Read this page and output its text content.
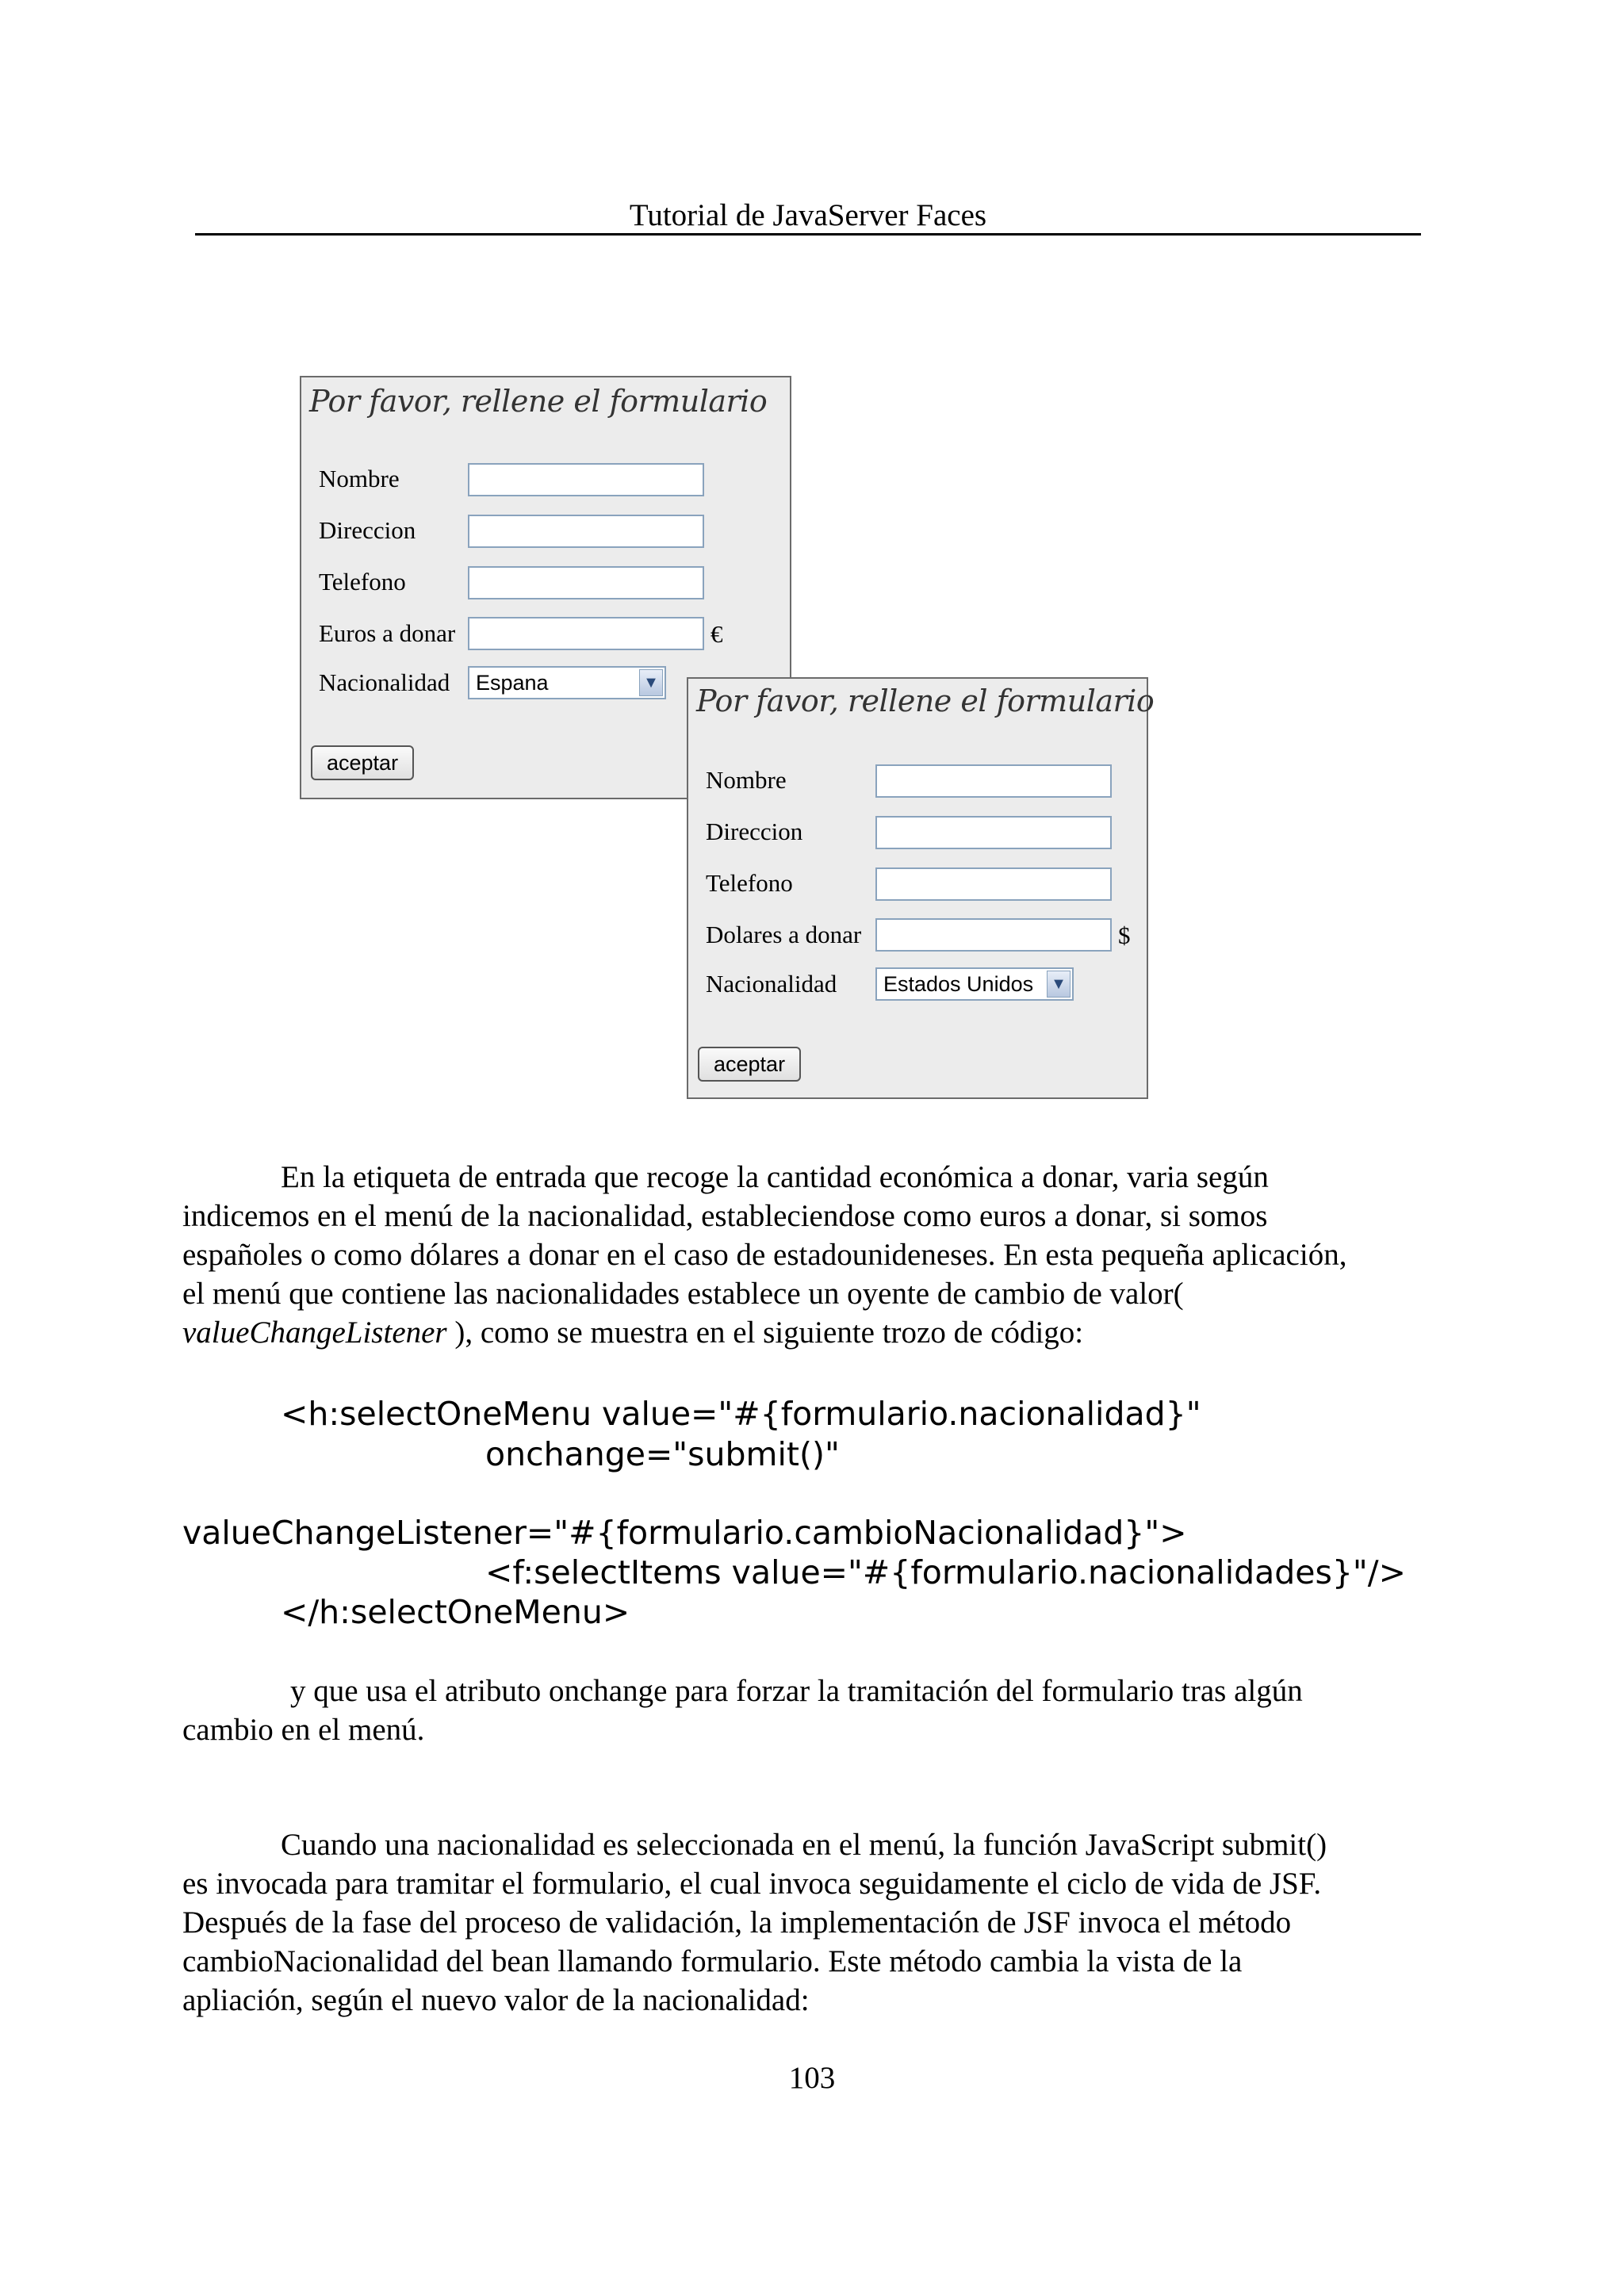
Tutorial de JavaServer Faces
Por favor, rellene el formulario
Nombre
Direccion
Telefono
Euros a donar	€
Nacionalidad	Espana	▼
aceptar
Por favor, rellene el formulario
Nombre
Direccion
Telefono
Dolares a donar	$
Nacionalidad	Estados Unidos ▼
aceptar
En la etiqueta de entrada que recoge la cantidad económica a donar, varia según
indicemos en el menú de la nacionalidad, estableciendose como euros a donar, si somos
españoles o como dólares a donar en el caso de estadounideneses. En esta pequeña aplicación,
el menú que contiene las nacionalidades establece un oyente de cambio de valor(
valueChangeListener ), como se muestra en el siguiente trozo de código:
<h:selectOneMenu value="#{formulario.nacionalidad}"
onchange="submit()"
valueChangeListener="#{formulario.cambioNacionalidad}">
<f:selectItems value="#{formulario.nacionalidades}"/>
</h:selectOneMenu>
y que usa el atributo onchange para forzar la tramitación del formulario tras algún
cambio en el menú.
Cuando una nacionalidad es seleccionada en el menú, la función JavaScript submit()
es invocada para tramitar el formulario, el cual invoca seguidamente el ciclo de vida de JSF.
Después de la fase del proceso de validación, la implementación de JSF invoca el método
cambioNacionalidad del bean llamando formulario. Este método cambia la vista de la
apliación, según el nuevo valor de la nacionalidad:
103
